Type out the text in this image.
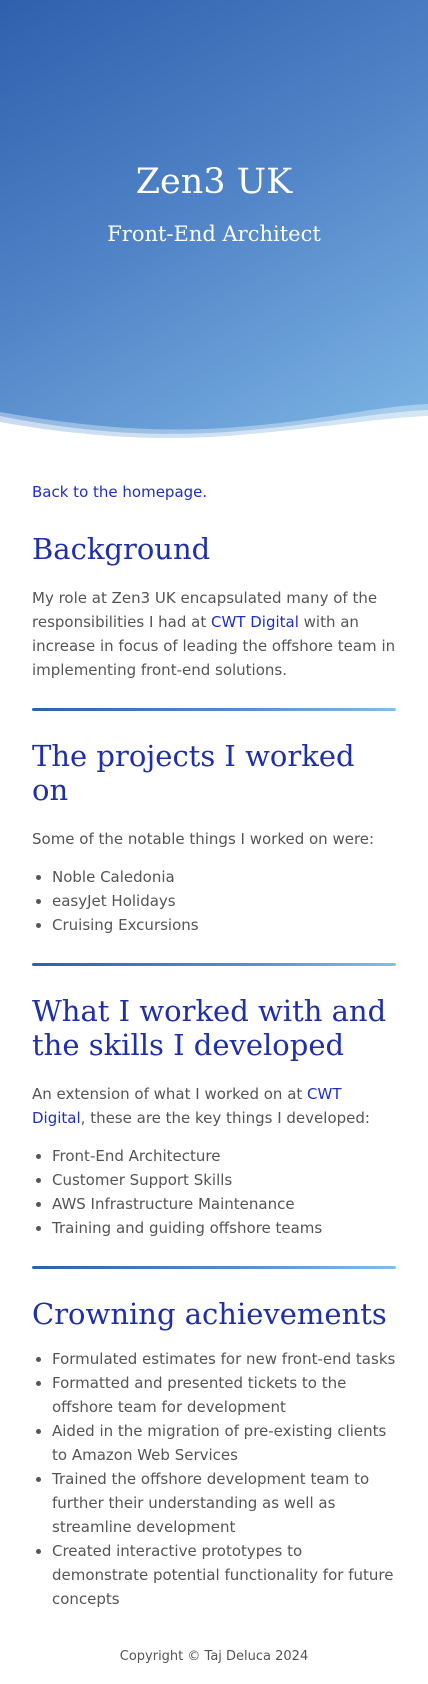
Zen3 UK
Front-End Architect
Back to the homepage.
Background

My role at Zen3 UK encapsulated many of the responsibilities I had at CWT Digital with an increase in focus of leading the offshore team in implementing front-end solutions.

The projects I worked on

Some of the notable things I worked on were:

• Noble Caledonia
• easyJet Holidays
• Cruising Excursions
What I worked with and the skills I developed

An extension of what I worked on at CWT Digital, these are the key things I developed:

• Front-End Architecture
• Customer Support Skills
• AWS Infrastructure Maintenance
• Training and guiding offshore teams
Crowning achievements
• Formulated estimates for new front-end tasks
• Formatted and presented tickets to the offshore team for development
• Aided in the migration of pre-existing clients to Amazon Web Services
• Trained the offshore development team to further their understanding as well as streamline development
• Created interactive prototypes to demonstrate potential functionality for future concepts
Copyright © Taj Deluca 2024
